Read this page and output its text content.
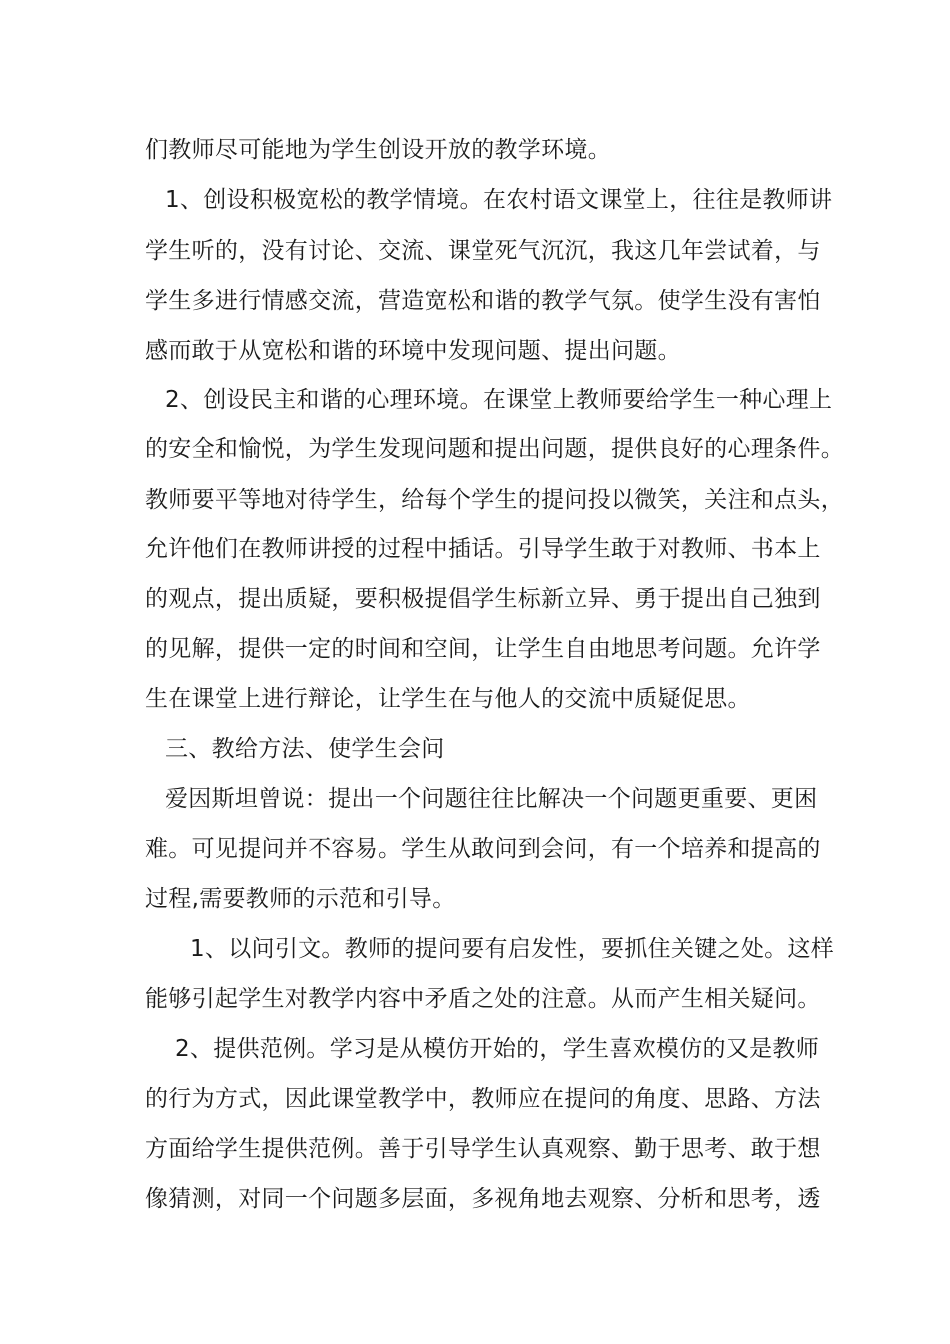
们教师尽可能地为学生创设开放的教学环境。
1、创设积极宽松的教学情境。在农村语文课堂上，往往是教师讲
学生听的，没有讨论、交流、课堂死气沉沉，我这几年尝试着，与
学生多进行情感交流，营造宽松和谐的教学气氛。使学生没有害怕
感而敢于从宽松和谐的环境中发现问题、提出问题。
2、创设民主和谐的心理环境。在课堂上教师要给学生一种心理上
的安全和愉悦，为学生发现问题和提出问题，提供良好的心理条件。
教师要平等地对待学生，给每个学生的提问投以微笑，关注和点头，
允许他们在教师讲授的过程中插话。引导学生敢于对教师、书本上
的观点，提出质疑，要积极提倡学生标新立异、勇于提出自己独到
的见解，提供一定的时间和空间，让学生自由地思考问题。允许学
生在课堂上进行辩论，让学生在与他人的交流中质疑促思。
三、教给方法、使学生会问
爱因斯坦曾说：提出一个问题往往比解决一个问题更重要、更困
难。可见提问并不容易。学生从敢问到会问，有一个培养和提高的
过程,需要教师的示范和引导。
1、以问引文。教师的提问要有启发性，要抓住关键之处。这样
能够引起学生对教学内容中矛盾之处的注意。从而产生相关疑问。
2、提供范例。学习是从模仿开始的，学生喜欢模仿的又是教师
的行为方式，因此课堂教学中，教师应在提问的角度、思路、方法
方面给学生提供范例。善于引导学生认真观察、勤于思考、敢于想
像猜测，对同一个问题多层面，多视角地去观察、分析和思考，透
